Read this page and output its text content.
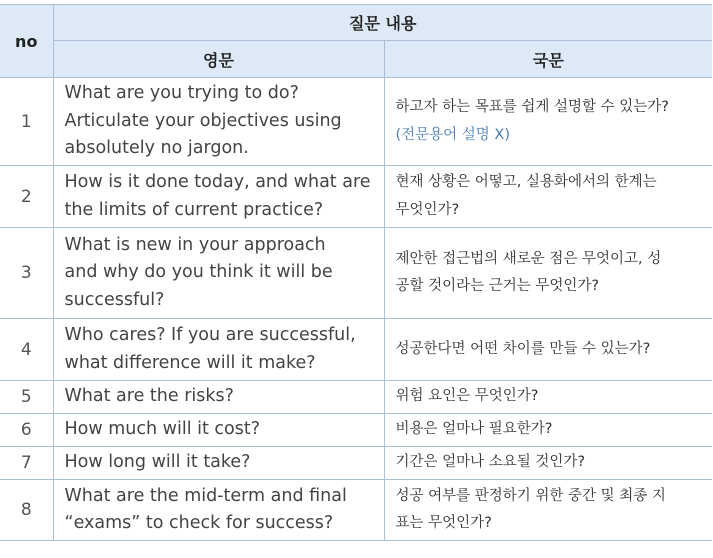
no	질문 내용	
	영문	국문
1	What are you trying to do?
Articulate your objectives using
absolutely no jargon.	하고자 하는 목표를 쉽게 설명할 수 있는가?
(전문용어 설명 X)

2	How is it done today, and what are
the limits of current practice?	현재 상황은 어떻고, 실용화에서의 한계는
무엇인가?

3	What is new in your approach
and why do you think it will be
successful?	제안한 접근법의 새로운 점은 무엇이고, 성
공할 것이라는 근거는 무엇인가?

4	Who cares? If you are successful,
what difference will it make?	성공한다면 어떤 차이를 만들 수 있는가?

5	What are the risks?	위험 요인은 무엇인가?

6	How much will it cost?	비용은 얼마나 필요한가?

7	How long will it take?	기간은 얼마나 소요될 것인가?

8	What are the mid-term and final
“exams” to check for success?	성공 여부를 판정하기 위한 중간 및 최종 지
표는 무엇인가?
